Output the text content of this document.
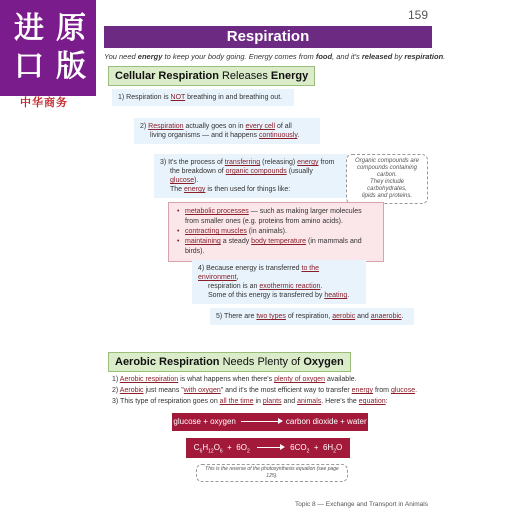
进 原
口 版
中华商务
159
Respiration
You need energy to keep your body going. Energy comes from food, and it's released by respiration.
Cellular Respiration Releases Energy
1) Respiration is NOT breathing in and breathing out.
2) Respiration actually goes on in every cell of all
living organisms — and it happens continuously.
3) It's the process of transferring (releasing) energy from
the breakdown of organic compounds (usually glucose).
The energy is then used for things like:
Organic compounds are
compounds containing carbon.
They include carbohydrates,
lipids and proteins.
• metabolic processes — such as making larger molecules
from smaller ones (e.g. proteins from amino acids).
• contracting muscles (in animals).
• maintaining a steady body temperature (in mammals and birds).
4) Because energy is transferred to the environment,
respiration is an exothermic reaction.
Some of this energy is transferred by heating.
5) There are two types of respiration, aerobic and anaerobic.
Aerobic Respiration Needs Plenty of Oxygen
1) Aerobic respiration is what happens when there's plenty of oxygen available.
2) Aerobic just means "with oxygen" and it's the most efficient way to transfer energy from glucose.
3) This type of respiration goes on all the time in plants and animals. Here's the equation:
glucose + oxygen	carbon dioxide + water
$C_6H_{12}O_6 + 6O_2$	$6CO_2 + 6H_2O$
This is the reverse of the photosynthesis equation (see page 125).
Topic 8 — Exchange and Transport in Animals
